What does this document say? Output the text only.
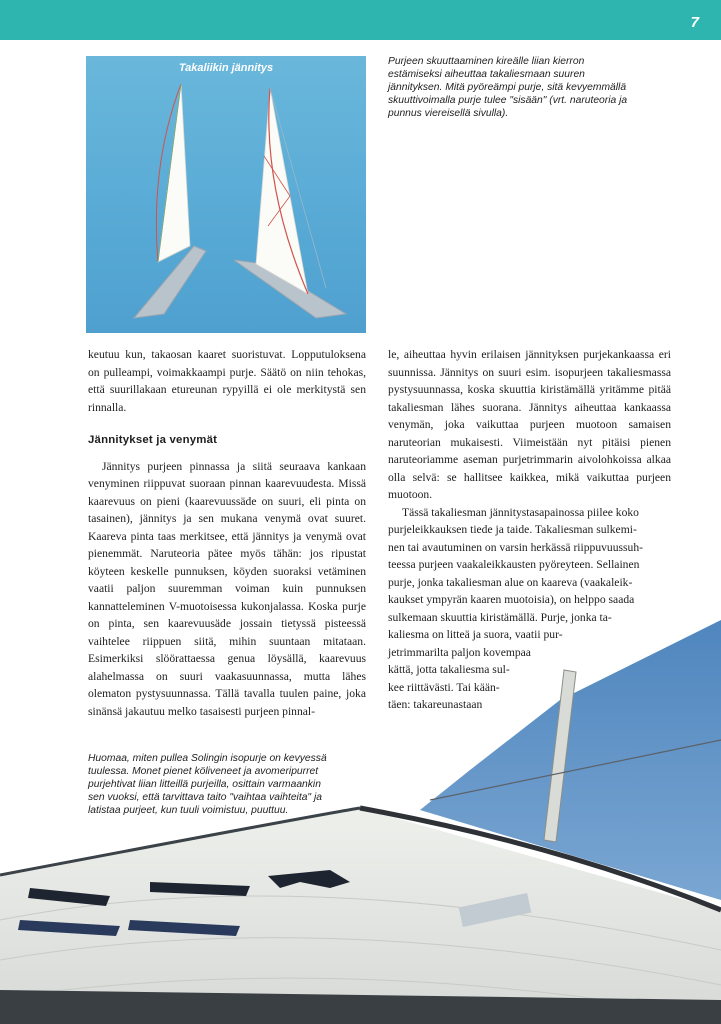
7
Takaliikin jännitys
Purjeen skuuttaaminen kireälle liian kierron estämiseksi aiheuttaa takaliesmaan suuren jännityksen. Mitä pyöreämpi purje, sitä kevyemmällä skuuttivoimalla purje tulee "sisään" (vrt. naruteoria ja punnus viereisellä sivulla).

keutuu kun, takaosan kaaret suoristuvat. Lopputuloksena on pulleampi, voimakkaampi purje. Säätö on niin tehokas, että suurillakaan etureunan rypyillä ei ole merkitystä sen rinnalla.

Jännitykset ja venymät

Jännitys purjeen pinnassa ja siitä seuraava kankaan venyminen riippuvat suoraan pinnan kaarevuudesta. Missä kaarevuus on pieni (kaarevuussäde on suuri, eli pinta on tasainen), jännitys ja sen mukana venymä ovat suuret. Kaareva pinta taas merkitsee, että jännitys ja venymä ovat pienemmät. Naruteoria pätee myös tähän: jos ripustat köyteen keskelle punnuksen, köyden suoraksi vetäminen vaatii paljon suuremman voiman kuin punnuksen kannatteleminen V-muotoisessa kukonjalassa. Koska purje on pinta, sen kaarevuusäde jossain tietyssä pisteessä vaihtelee riippuen siitä, mihin suuntaan mitataan. Esimerkiksi slöörattaessa genua löysällä, kaarevuus alahelmassa on suuri vaakasuunnassa, mutta lähes olematon pystysuunnassa. Tällä tavalla tuulen paine, joka sinänsä jakautuu melko tasaisesti purjeen pinnal-

le, aiheuttaa hyvin erilaisen jännityksen purjekankaassa eri suunnissa. Jännitys on suuri esim. isopurjeen takaliesmassa pystysuunnassa, koska skuuttia kiristämällä yritämme pitää takaliesman lähes suorana. Jännitys aiheuttaa kankaassa venymän, joka vaikuttaa purjeen muotoon samaisen naruteorian mukaisesti. Viimeistään nyt pitäisi pienen naruteoriamme aseman purjetrimmarin aivolohkoissa alkaa olla selvä: se hallitsee kaikkea, mikä vaikuttaa purjeen muotoon.

Tässä takaliesman jännitystasapainossa piilee koko
purjeleikkauksen tiede ja taide. Takaliesman sulkemi-
nen tai avautuminen on varsin herkässä riippuvuussuh-
teessa purjeen vaakaleikkausten pyöreyteen. Sellainen
purje, jonka takaliesman alue on kaareva (vaakaleik-
kaukset ympyrän kaaren muotoisia), on helppo saada
sulkemaan skuuttia kiristämällä. Purje, jonka ta-
kaliesma on litteä ja suora, vaatii pur-
jetrimmarilta paljon kovempaa
kättä, jotta takaliesma sul-
kee riittävästi. Tai kään-
täen: takareunastaan

Huomaa, miten pullea Solingin isopurje on kevyessä tuulessa. Monet pienet köliveneet ja avomeripurret purjehtivat liian litteillä purjeilla, osittain varmaankin sen vuoksi, että tarvittava taito "vaihtaa vaihteita" ja latistaa purjeet, kun tuuli voimistuu, puuttuu.
